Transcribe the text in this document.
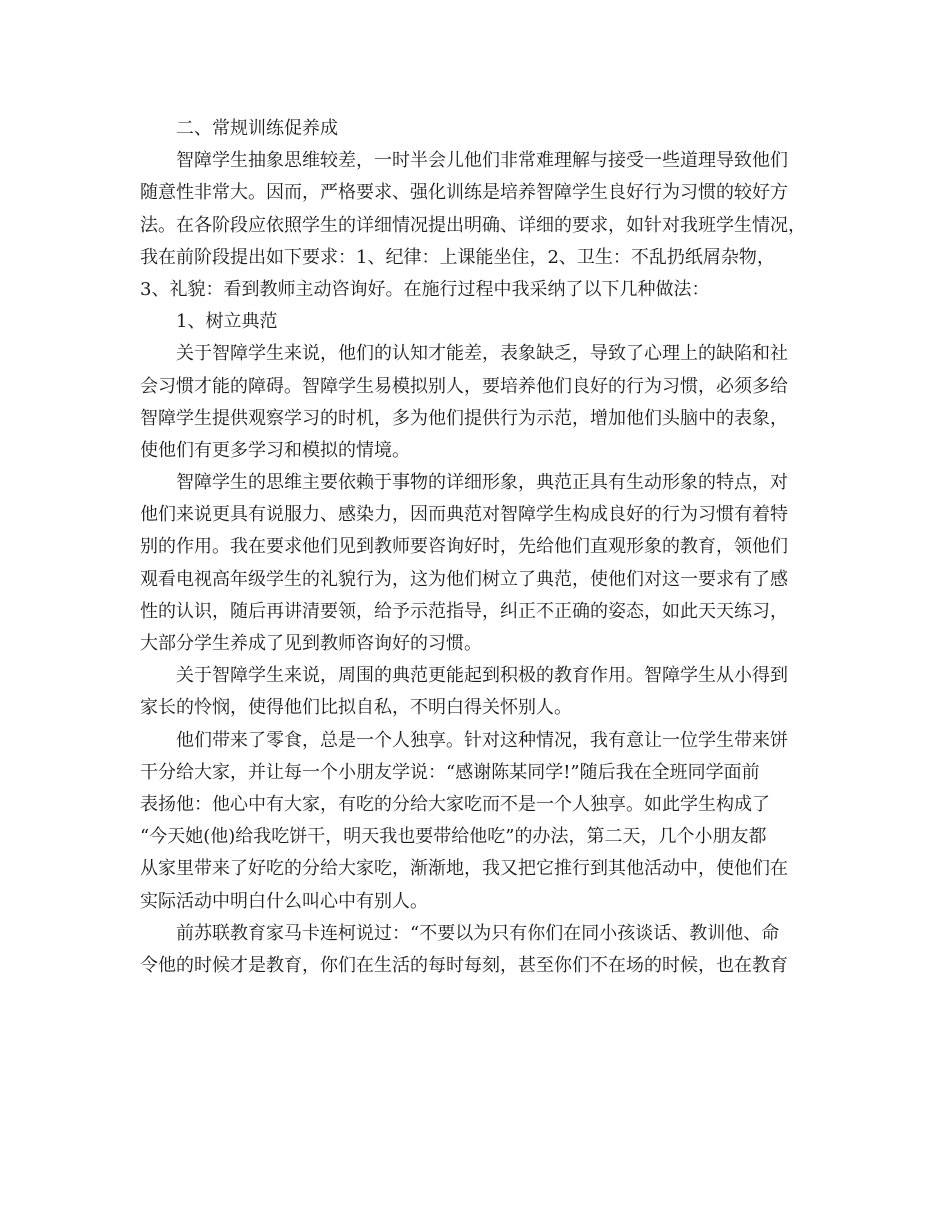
二、常规训练促养成
智障学生抽象思维较差，一时半会儿他们非常难理解与接受一些道理导致他们
随意性非常大。因而，严格要求、强化训练是培养智障学生良好行为习惯的较好方
法。在各阶段应依照学生的详细情况提出明确、详细的要求，如针对我班学生情况，
我在前阶段提出如下要求：1、纪律：上课能坐住，2、卫生：不乱扔纸屑杂物，
3、礼貌：看到教师主动咨询好。在施行过程中我采纳了以下几种做法：
1、树立典范
关于智障学生来说，他们的认知才能差，表象缺乏，导致了心理上的缺陷和社
会习惯才能的障碍。智障学生易模拟别人，要培养他们良好的行为习惯，必须多给
智障学生提供观察学习的时机，多为他们提供行为示范，增加他们头脑中的表象，
使他们有更多学习和模拟的情境。
智障学生的思维主要依赖于事物的详细形象，典范正具有生动形象的特点，对
他们来说更具有说服力、感染力，因而典范对智障学生构成良好的行为习惯有着特
别的作用。我在要求他们见到教师要咨询好时，先给他们直观形象的教育，领他们
观看电视高年级学生的礼貌行为，这为他们树立了典范，使他们对这一要求有了感
性的认识，随后再讲清要领，给予示范指导，纠正不正确的姿态，如此天天练习，
大部分学生养成了见到教师咨询好的习惯。
关于智障学生来说，周围的典范更能起到积极的教育作用。智障学生从小得到
家长的怜悯，使得他们比拟自私，不明白得关怀别人。
他们带来了零食，总是一个人独享。针对这种情况，我有意让一位学生带来饼
干分给大家，并让每一个小朋友学说：“感谢陈某同学!”随后我在全班同学面前
表扬他：他心中有大家，有吃的分给大家吃而不是一个人独享。如此学生构成了
“今天她(他)给我吃饼干，明天我也要带给他吃”的办法，第二天，几个小朋友都
从家里带来了好吃的分给大家吃，渐渐地，我又把它推行到其他活动中，使他们在
实际活动中明白什么叫心中有别人。
前苏联教育家马卡连柯说过：“不要以为只有你们在同小孩谈话、教训他、命
令他的时候才是教育，你们在生活的每时每刻，甚至你们不在场的时候，也在教育
